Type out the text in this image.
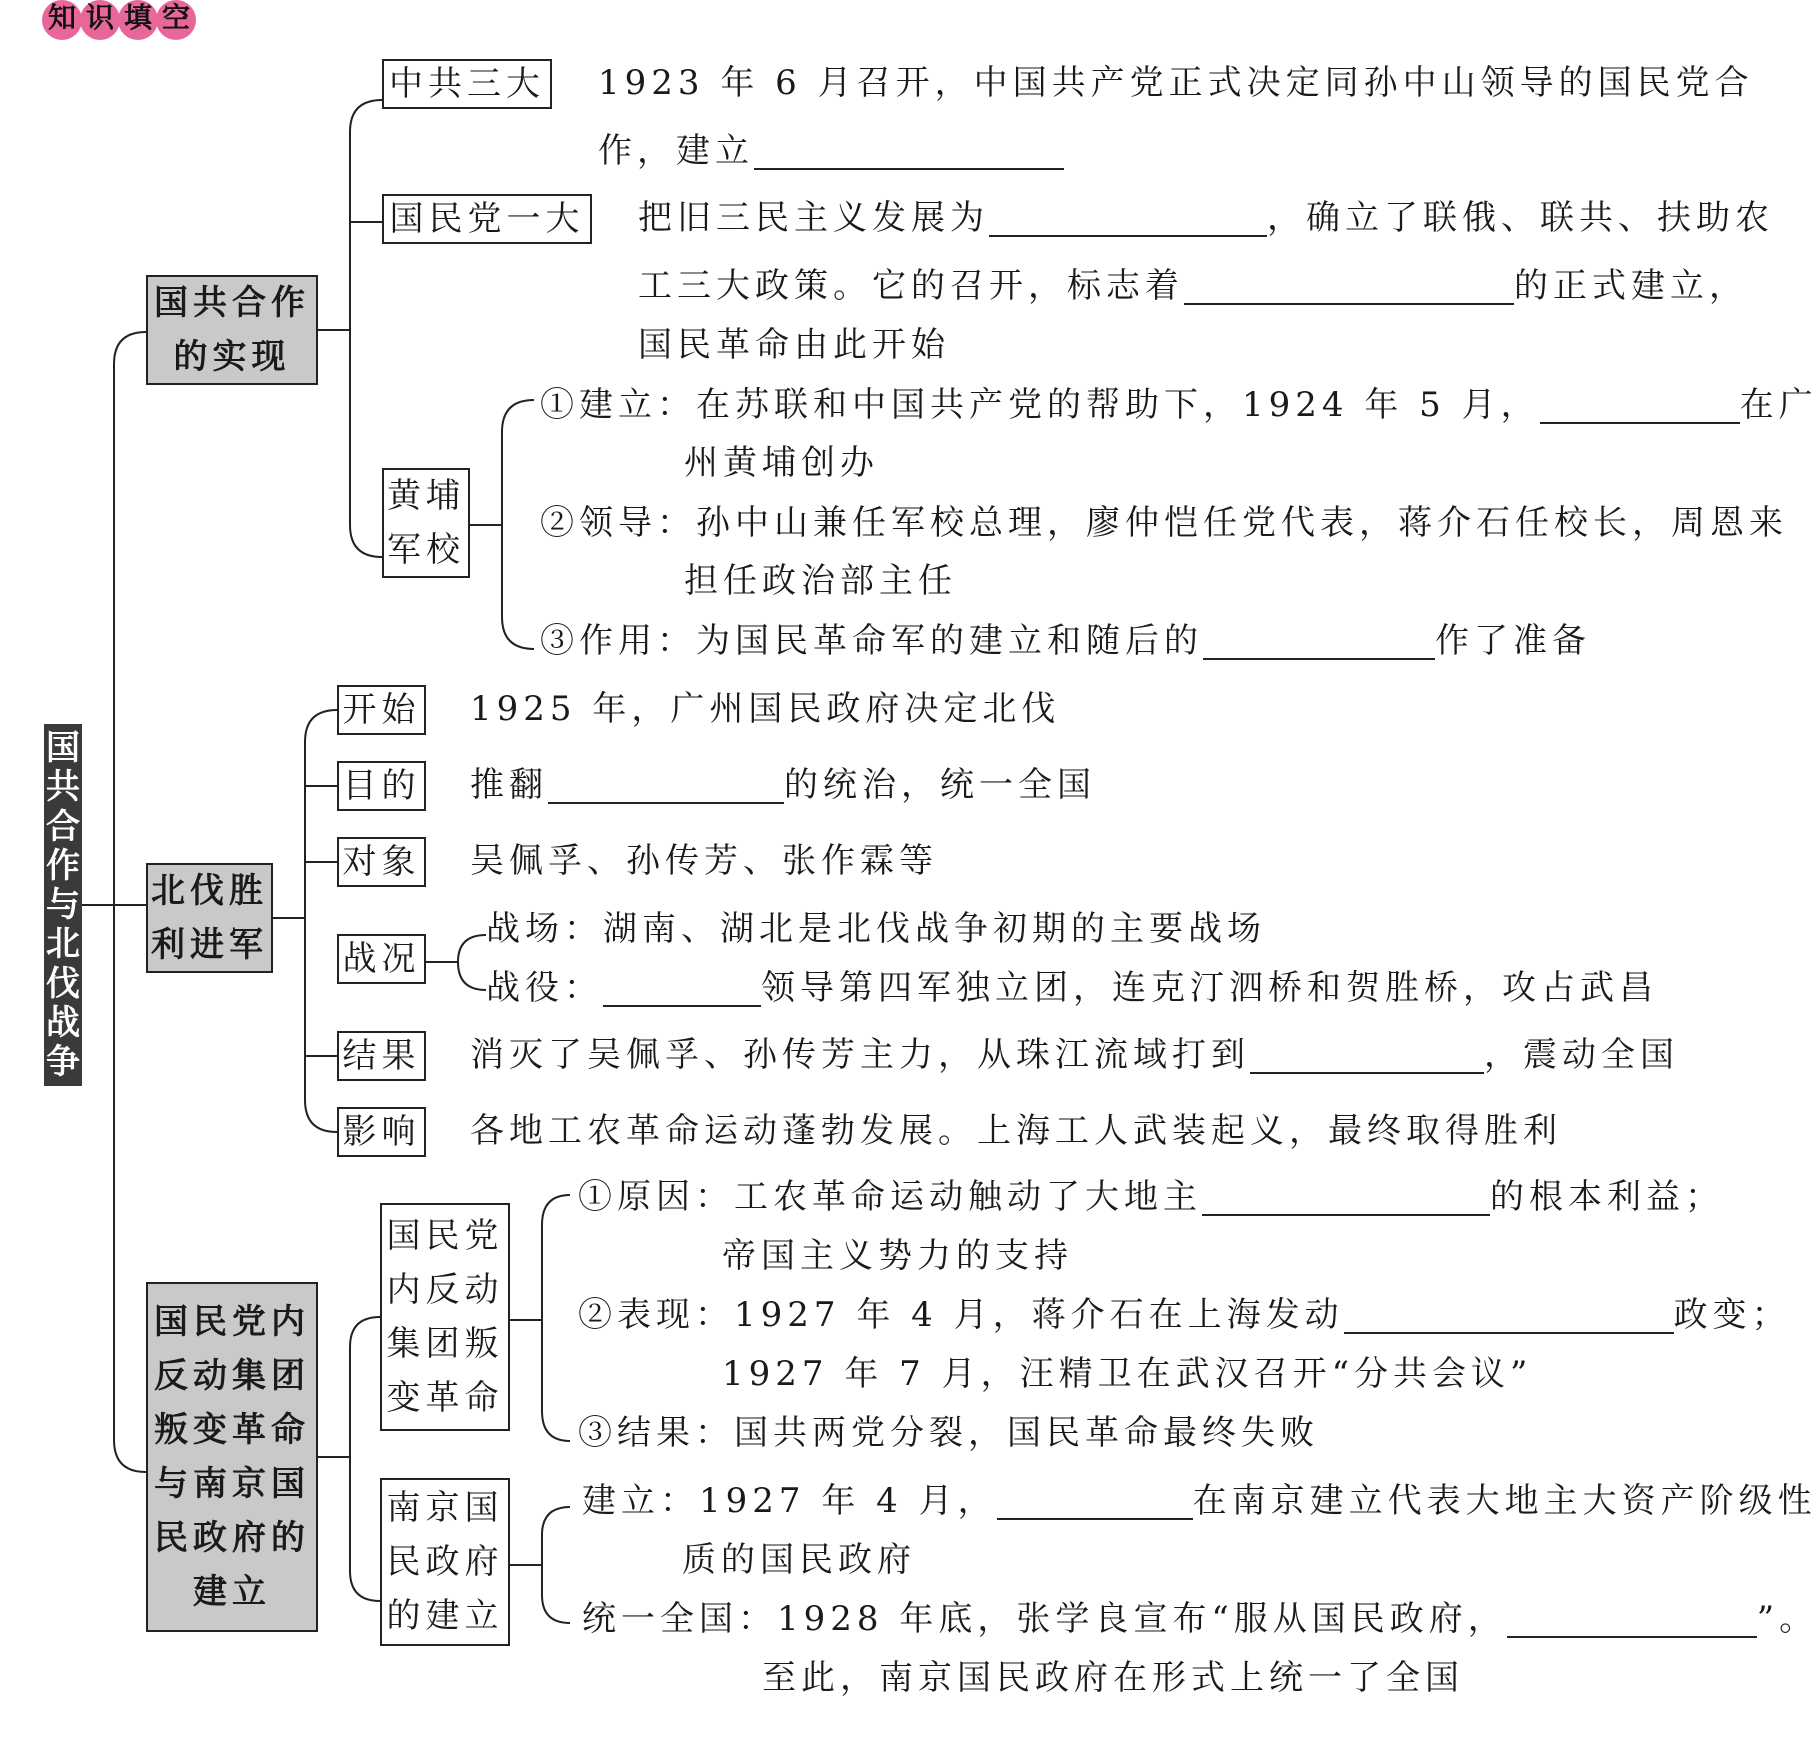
知 识 填 空
国
共
合
作
与
北
伐
战
争
国共合作
的实现
中共三大 1923 年 6 月召开，中国共产党正式决定同孙中山领导的国民党合
作，建立
国民党一大 把旧三民主义发展为	，确立了联俄、联共、扶助农
工三大政策。它的召开，标志着	的正式建立，
国民革命由此开始
黄埔
军校
①建立：在苏联和中国共产党的帮助下，1924 年 5 月，	在广
州黄埔创办
②领导：孙中山兼任军校总理，廖仲恺任党代表，蒋介石任校长，周恩来
担任政治部主任
③作用：为国民革命军的建立和随后的	作了准备
北伐胜
利进军
开始 1925 年，广州国民政府决定北伐
目的 推翻	的统治，统一全国
对象 吴佩孚、孙传芳、张作霖等
战况
战场：湖南、湖北是北伐战争初期的主要战场
战役：	领导第四军独立团，连克汀泗桥和贺胜桥，攻占武昌
结果 消灭了吴佩孚、孙传芳主力，从珠江流域打到	，震动全国
影响 各地工农革命运动蓬勃发展。上海工人武装起义，最终取得胜利
国民党内
反动集团
叛变革命
与南京国
民政府的
建立
国民党
内反动
集团叛
变革命
①原因：工农革命运动触动了大地主	的根本利益；
帝国主义势力的支持
②表现：1927 年 4 月，蒋介石在上海发动	政变；
1927 年 7 月，汪精卫在武汉召开“分共会议”
③结果：国共两党分裂，国民革命最终失败
南京国
民政府
的建立
建立：1927 年 4 月，	在南京建立代表大地主大资产阶级性
质的国民政府
统一全国：1928 年底，张学良宣布“服从国民政府，	”。
至此，南京国民政府在形式上统一了全国
